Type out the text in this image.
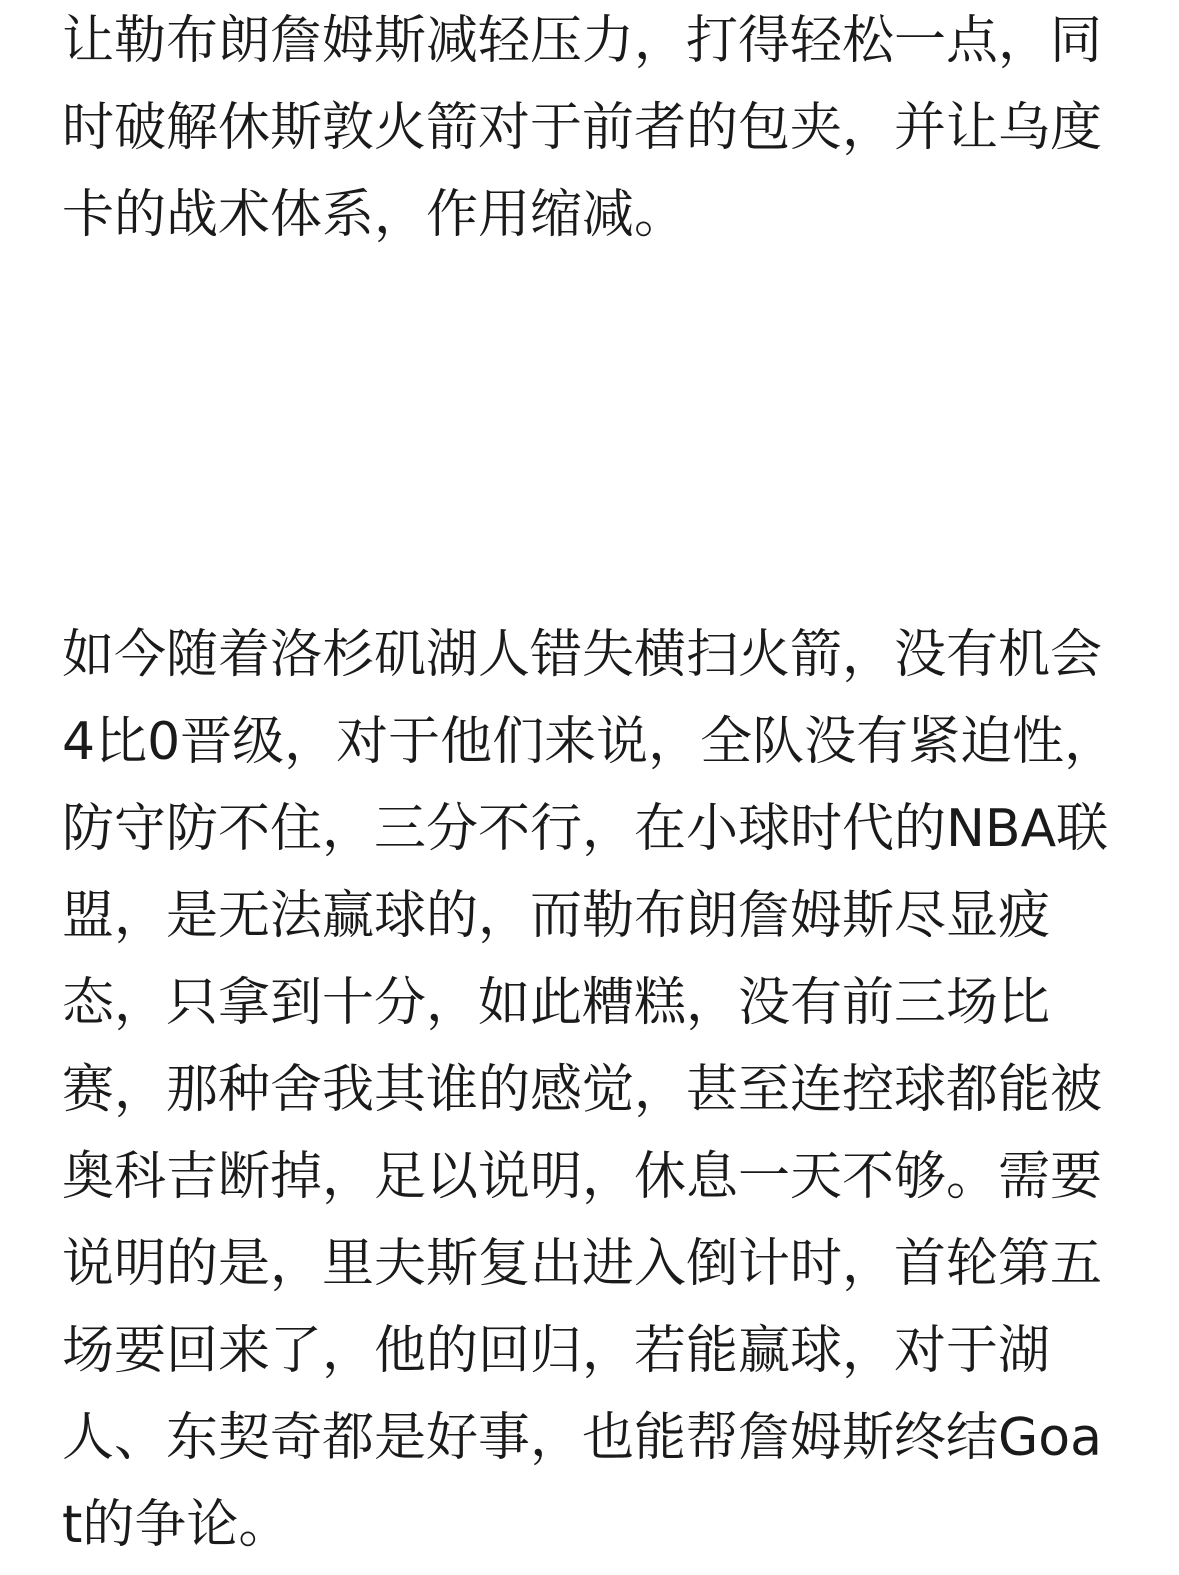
让勒布朗詹姆斯减轻压力，打得轻松一点，同时破解休斯敦火箭对于前者的包夹，并让乌度卡的战术体系，作用缩减。

如今随着洛杉矶湖人错失横扫火箭，没有机会4比0晋级，对于他们来说，全队没有紧迫性，防守防不住，三分不行，在小球时代的NBA联盟，是无法赢球的，而勒布朗詹姆斯尽显疲态，只拿到十分，如此糟糕，没有前三场比赛，那种舍我其谁的感觉，甚至连控球都能被奥科吉断掉，足以说明，休息一天不够。需要说明的是，里夫斯复出进入倒计时，首轮第五场要回来了，他的回归，若能赢球，对于湖人、东契奇都是好事，也能帮詹姆斯终结Goat的争论。
